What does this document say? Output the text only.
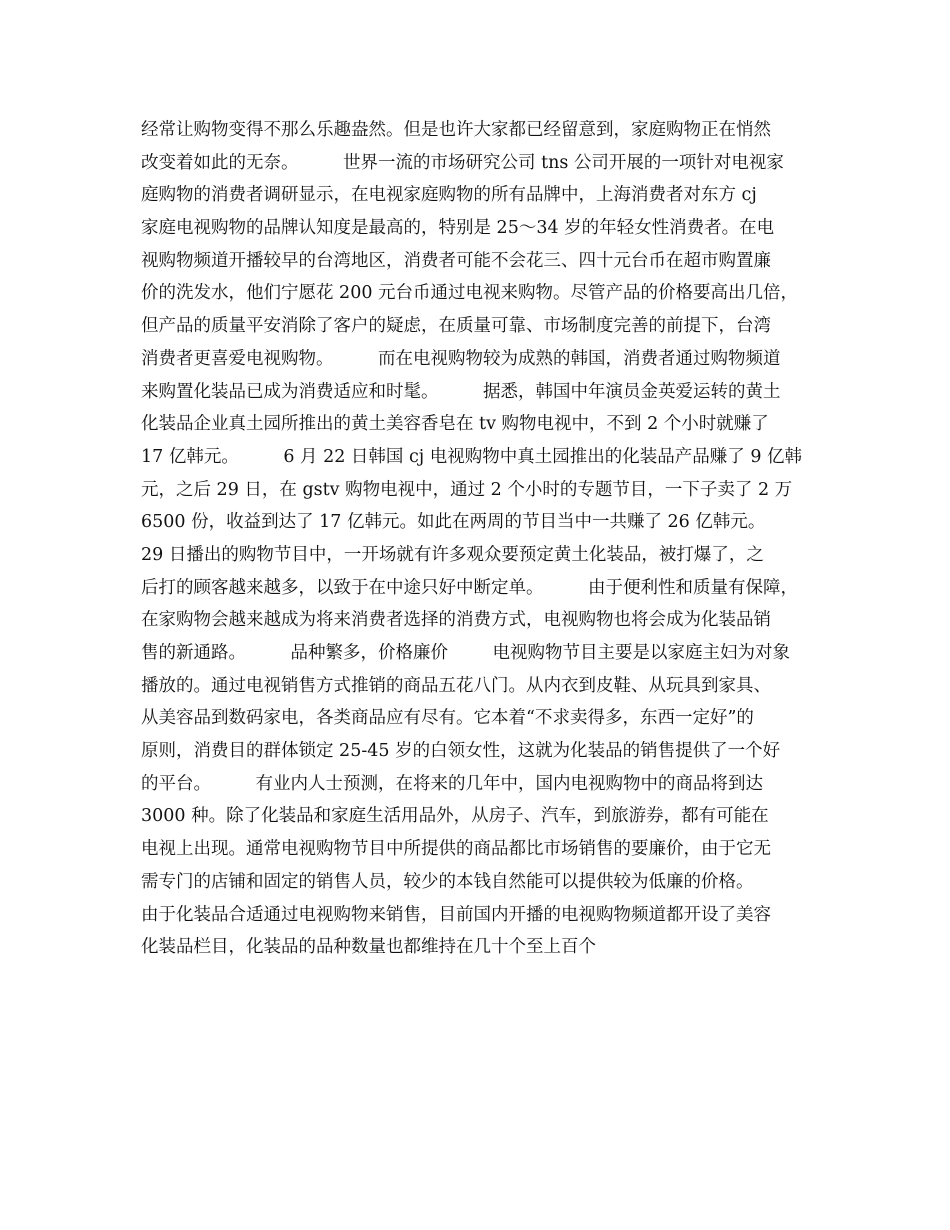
经常让购物变得不那么乐趣盎然。但是也许大家都已经留意到，家庭购物正在悄然
改变着如此的无奈。        世界一流的市场研究公司 tns 公司开展的一项针对电视家
庭购物的消费者调研显示，在电视家庭购物的所有品牌中，上海消费者对东方 cj
家庭电视购物的品牌认知度是最高的，特别是 25～34 岁的年轻女性消费者。在电
视购物频道开播较早的台湾地区，消费者可能不会花三、四十元台币在超市购置廉
价的洗发水，他们宁愿花 200 元台币通过电视来购物。尽管产品的价格要高出几倍，
但产品的质量平安消除了客户的疑虑，在质量可靠、市场制度完善的前提下，台湾
消费者更喜爱电视购物。        而在电视购物较为成熟的韩国，消费者通过购物频道
来购置化装品已成为消费适应和时髦。        据悉，韩国中年演员金英爱运转的黄土
化装品企业真土园所推出的黄土美容香皂在 tv 购物电视中，不到 2 个小时就赚了
17 亿韩元。        6 月 22 日韩国 cj 电视购物中真土园推出的化装品产品赚了 9 亿韩
元，之后 29 日，在 gstv 购物电视中，通过 2 个小时的专题节目，一下子卖了 2 万
6500 份，收益到达了 17 亿韩元。如此在两周的节目当中一共赚了 26 亿韩元。
29 日播出的购物节目中，一开场就有许多观众要预定黄土化装品，被打爆了，之
后打的顾客越来越多，以致于在中途只好中断定单。        由于便利性和质量有保障，
在家购物会越来越成为将来消费者选择的消费方式，电视购物也将会成为化装品销
售的新通路。        品种繁多，价格廉价        电视购物节目主要是以家庭主妇为对象
播放的。通过电视销售方式推销的商品五花八门。从内衣到皮鞋、从玩具到家具、
从美容品到数码家电，各类商品应有尽有。它本着“不求卖得多，东西一定好”的
原则，消费目的群体锁定 25-45 岁的白领女性，这就为化装品的销售提供了一个好
的平台。        有业内人士预测，在将来的几年中，国内电视购物中的商品将到达
3000 种。除了化装品和家庭生活用品外，从房子、汽车，到旅游券，都有可能在
电视上出现。通常电视购物节目中所提供的商品都比市场销售的要廉价，由于它无
需专门的店铺和固定的销售人员，较少的本钱自然能可以提供较为低廉的价格。
由于化装品合适通过电视购物来销售，目前国内开播的电视购物频道都开设了美容
化装品栏目，化装品的品种数量也都维持在几十个至上百个
